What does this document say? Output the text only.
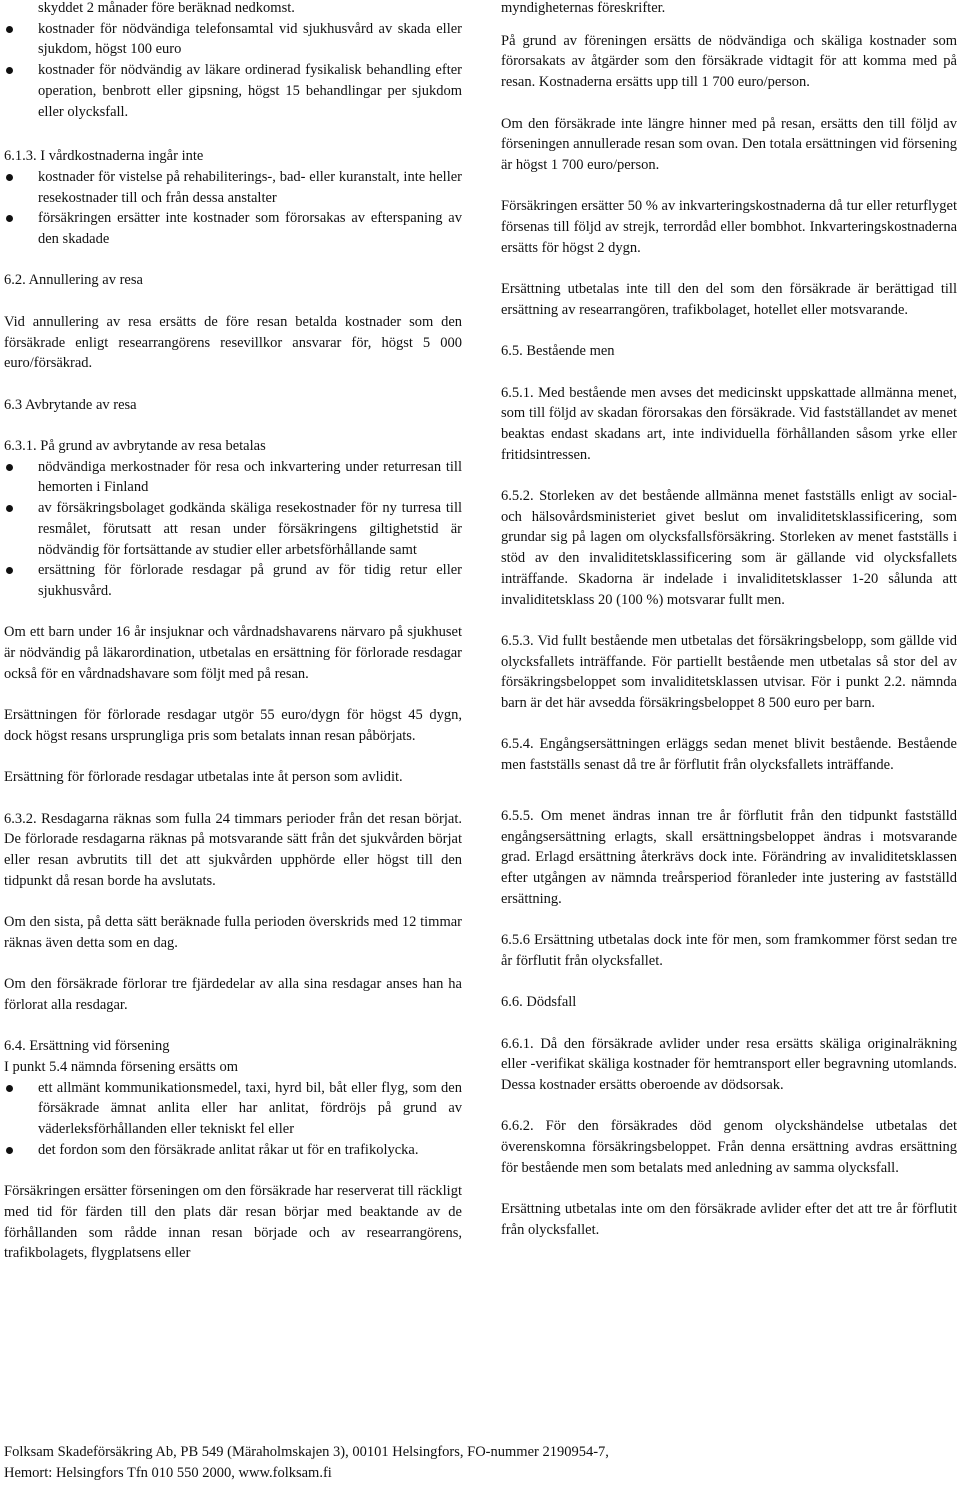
skyddet 2 månader före beräknad nedkomst.
kostnader för nödvändiga telefonsamtal vid sjukhusvård av skada eller sjukdom, högst 100 euro
kostnader för nödvändig av läkare ordinerad fysikalisk behandling efter operation, benbrott eller gipsning, högst 15 behandlingar per sjukdom eller olycksfall.
6.1.3. I vårdkostnaderna ingår inte
kostnader för vistelse på rehabiliterings-, bad- eller kuranstalt, inte heller resekostnader till och från dessa anstalter
försäkringen ersätter inte kostnader som förorsakas av efterspaning av den skadade
6.2. Annullering av resa

Vid annullering av resa ersätts de före resan betalda kostnader som den försäkrade enligt researrangörens resevillkor ansvarar för, högst 5 000 euro/försäkrad.

6.3 Avbrytande av resa
6.3.1. På grund av avbrytande av resa betalas
nödvändiga merkostnader för resa och inkvartering under returresan till hemorten i Finland
av försäkringsbolaget godkända skäliga resekostnader för ny turresa till resmålet, förutsatt att resan under försäkringens giltighetstid är nödvändig för fortsättande av studier eller arbetsförhållande samt
ersättning för förlorade resdagar på grund av för tidig retur eller sjukhusvård.

Om ett barn under 16 år insjuknar och vårdnadshavarens närvaro på sjukhuset är nödvändig på läkarordination, utbetalas en ersättning för förlorade resdagar också för en vårdnadshavare som följt med på resan.

Ersättningen för förlorade resdagar utgör 55 euro/dygn för högst 45 dygn, dock högst resans ursprungliga pris som betalats innan resan påbörjats.

Ersättning för förlorade resdagar utbetalas inte åt person som avlidit.

6.3.2. Resdagarna räknas som fulla 24 timmars perioder från det resan börjat. De förlorade resdagarna räknas på motsvarande sätt från det sjukvården börjat eller resan avbrutits till det att sjukvården upphörde eller högst till den tidpunkt då resan borde ha avslutats.

Om den sista, på detta sätt beräknade fulla perioden överskrids med 12 timmar räknas även detta som en dag.

Om den försäkrade förlorar tre fjärdedelar av alla sina resdagar anses han ha förlorat alla resdagar.

6.4. Ersättning vid försening
I punkt 5.4 nämnda försening ersätts om
ett allmänt kommunikationsmedel, taxi, hyrd bil, båt eller flyg, som den försäkrade ämnat anlita eller har anlitat, fördröjs på grund av väderleksförhållanden eller tekniskt fel eller
det fordon som den försäkrade anlitat råkar ut för en trafikolycka.

Försäkringen ersätter förseningen om den försäkrade har reserverat till räckligt med tid för färden till den plats där resan börjar med beaktande av de förhållanden som rådde innan resan började och av researrangörens, trafikbolagets, flygplatsens eller

myndigheternas föreskrifter.

På grund av föreningen ersätts de nödvändiga och skäliga kostnader som förorsakats av åtgärder som den försäkrade vidtagit för att komma med på resan. Kostnaderna ersätts upp till 1 700 euro/person.

Om den försäkrade inte längre hinner med på resan, ersätts den till följd av förseningen annullerade resan som ovan. Den totala ersättningen vid försening är högst 1 700 euro/person.

Försäkringen ersätter 50 % av inkvarteringskostnaderna då tur eller returflyget försenas till följd av strejk, terrordåd eller bombhot. Inkvarteringskostnaderna ersätts för högst 2 dygn.

Ersättning utbetalas inte till den del som den försäkrade är berättigad till ersättning av researrangören, trafikbolaget, hotellet eller motsvarande.

6.5. Bestående men

6.5.1. Med bestående men avses det medicinskt uppskattade allmänna menet, som till följd av skadan förorsakas den försäkrade. Vid fastställandet av menet beaktas endast skadans art, inte individuella förhållanden såsom yrke eller fritidsintressen.

6.5.2. Storleken av det bestående allmänna menet fastställs enligt av social- och hälsovårdsministeriet givet beslut om invaliditetsklassificering, som grundar sig på lagen om olycksfallsförsäkring. Storleken av menet fastställs i stöd av den invaliditetsklassificering som är gällande vid olycksfallets inträffande. Skadorna är indelade i invaliditetsklasser 1-20 sålunda att invaliditetsklass 20 (100 %) motsvarar fullt men.

6.5.3. Vid fullt bestående men utbetalas det försäkringsbelopp, som gällde vid olycksfallets inträffande. För partiellt bestående men utbetalas så stor del av försäkringsbeloppet som invaliditetsklassen utvisar. För i punkt 2.2. nämnda barn är det här avsedda försäkringsbeloppet 8 500 euro per barn.

6.5.4. Engångsersättningen erläggs sedan menet blivit bestående. Bestående men fastställs senast då tre år förflutit från olycksfallets inträffande.

6.5.5. Om menet ändras innan tre år förflutit från den tidpunkt fastställd engångsersättning erlagts, skall ersättningsbeloppet ändras i motsvarande grad. Erlagd ersättning återkrävs dock inte. Förändring av invaliditetsklassen efter utgången av nämnda treårsperiod föranleder inte justering av fastställd ersättning.

6.5.6 Ersättning utbetalas dock inte för men, som framkommer först sedan tre år förflutit från olycksfallet.

6.6. Dödsfall

6.6.1. Då den försäkrade avlider under resa ersätts skäliga originalräkning eller -verifikat skäliga kostnader för hemtransport eller begravning utomlands. Dessa kostnader ersätts oberoende av dödsorsak.

6.6.2. För den försäkrades död genom olyckshändelse utbetalas det överenskomna försäkringsbeloppet. Från denna ersättning avdras ersättning för bestående men som betalats med anledning av samma olycksfall.

Ersättning utbetalas inte om den försäkrade avlider efter det att tre år förflutit från olycksfallet.

Folksam Skadeförsäkring Ab, PB 549 (Märaholmskajen 3), 00101 Helsingfors, FO-nummer 2190954-7,
Hemort: Helsingfors Tfn 010 550 2000, www.folksam.fi
